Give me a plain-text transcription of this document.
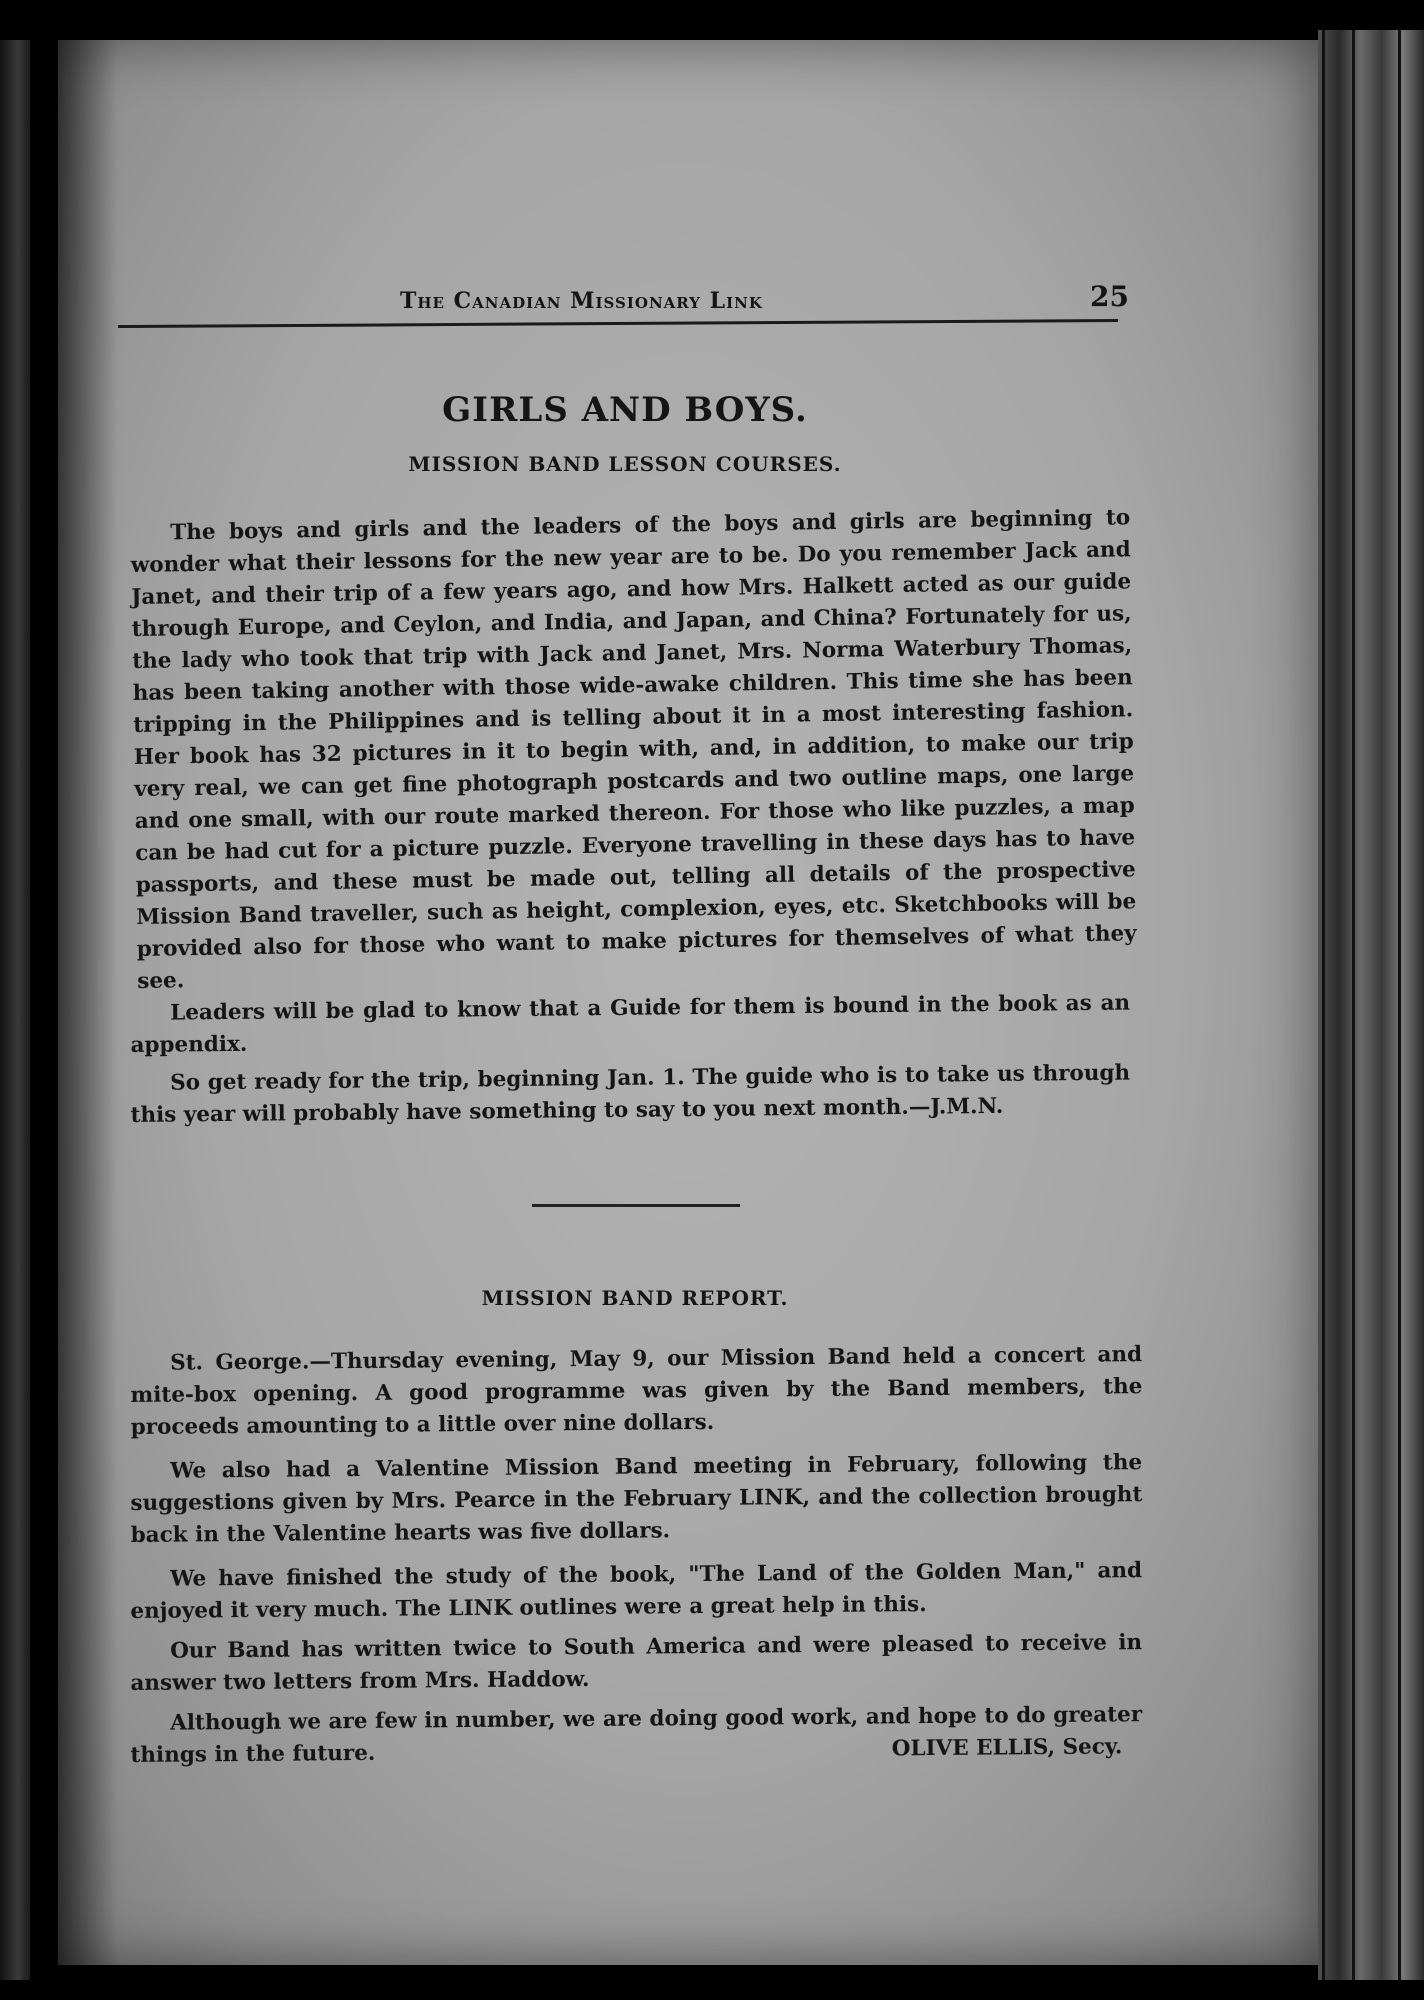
The Canadian Missionary Link	25
GIRLS AND BOYS.
MISSION BAND LESSON COURSES.

The boys and girls and the leaders of the boys and girls are beginning to wonder what their lessons for the new year are to be. Do you remember Jack and Janet, and their trip of a few years ago, and how Mrs. Halkett acted as our guide through Europe, and Ceylon, and India, and Japan, and China? Fortunately for us, the lady who took that trip with Jack and Janet, Mrs. Norma Waterbury Thomas, has been taking another with those wide-awake children. This time she has been tripping in the Philippines and is telling about it in a most interesting fashion. Her book has 32 pictures in it to begin with, and, in addition, to make our trip very real, we can get fine photograph postcards and two outline maps, one large and one small, with our route marked thereon. For those who like puzzles, a map can be had cut for a picture puzzle. Everyone travelling in these days has to have passports, and these must be made out, telling all details of the prospective Mission Band traveller, such as height, complexion, eyes, etc. Sketchbooks will be provided also for those who want to make pictures for themselves of what they see.

Leaders will be glad to know that a Guide for them is bound in the book as an appendix.

So get ready for the trip, beginning Jan. 1. The guide who is to take us through this year will probably have something to say to you next month.—J.M.N.

MISSION BAND REPORT.

St. George.—Thursday evening, May 9, our Mission Band held a concert and mite-box opening. A good programme was given by the Band members, the proceeds amounting to a little over nine dollars.

We also had a Valentine Mission Band meeting in February, following the suggestions given by Mrs. Pearce in the February LINK, and the collection brought back in the Valentine hearts was five dollars.

We have finished the study of the book, "The Land of the Golden Man," and enjoyed it very much. The LINK outlines were a great help in this.

Our Band has written twice to South America and were pleased to receive in answer two letters from Mrs. Haddow.

Although we are few in number, we are doing good work, and hope to do greater things in the future.	OLIVE ELLIS, Secy.
